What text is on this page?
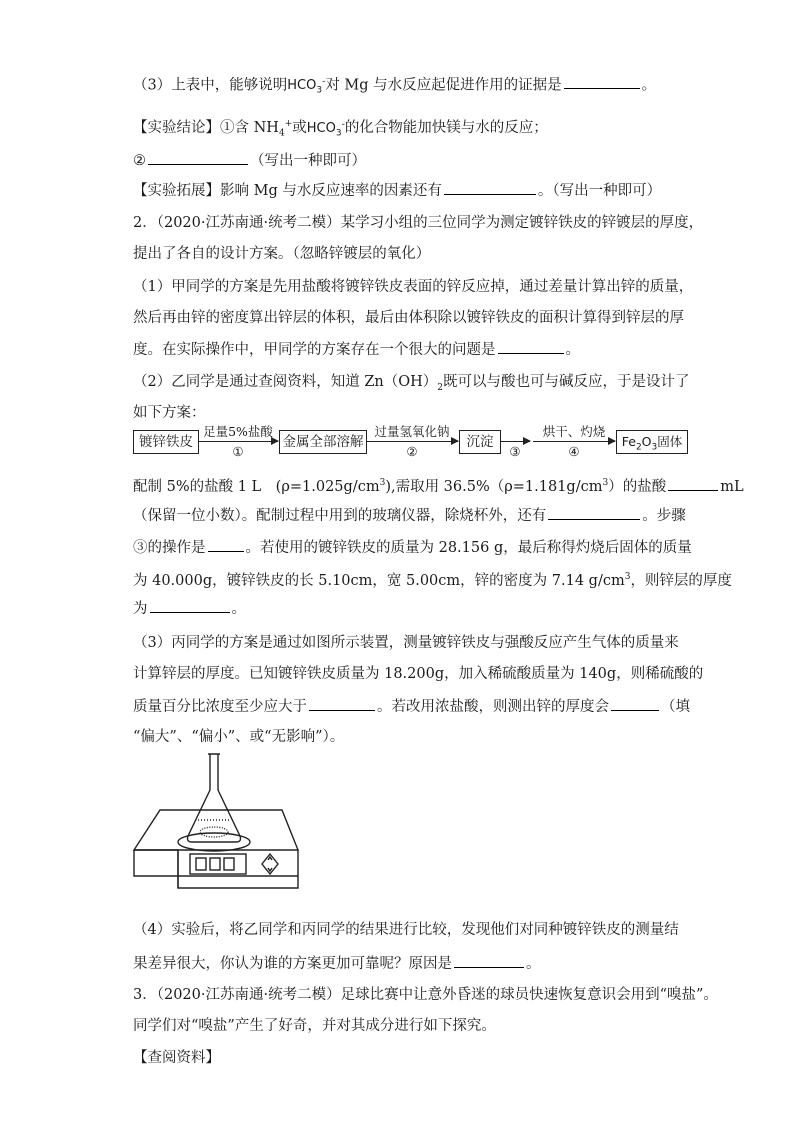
（3）上表中，能够说明$HCO_3^-$对 Mg 与水反应起促进作用的证据是	。
【实验结论】①含 $NH_4^+$或$HCO_3^-$的化合物能加快镁与水的反应；
②	（写出一种即可）
【实验拓展】影响 Mg 与水反应速率的因素还有	。（写出一种即可）
2．（2020·江苏南通·统考二模）某学习小组的三位同学为测定镀锌铁皮的锌镀层的厚度，
提出了各自的设计方案。（忽略锌镀层的氧化）
（1）甲同学的方案是先用盐酸将镀锌铁皮表面的锌反应掉，通过差量计算出锌的质量，
然后再由锌的密度算出锌层的体积，最后由体积除以镀锌铁皮的面积计算得到锌层的厚
度。在实际操作中，甲同学的方案存在一个很大的问题是	。
（2）乙同学是通过查阅资料，知道 $Zn(OH)_2$既可以与酸也可与碱反应，于是设计了
如下方案：
镀锌铁皮
足量5%盐酸
①
金属全部溶解
过量氢氧化钠
②
沉淀
③
烘干、灼烧
④
$Fe_2O_3$固体
配制 5%的盐酸 1 L　$(\rho=1.025g/cm^3)$,需取用 $36.5\%(\rho=1.181g/cm^3)$的盐酸	mL
（保留一位小数）。配制过程中用到的玻璃仪器，除烧杯外，还有	。步骤
③的操作是	。若使用的镀锌铁皮的质量为 28.156 g，最后称得灼烧后固体的质量
为 40.000g，镀锌铁皮的长 5.10cm，宽 5.00cm，锌的密度为 7.14 $g/cm^3$，则锌层的厚度
为	。
（3）丙同学的方案是通过如图所示装置，测量镀锌铁皮与强酸反应产生气体的质量来
计算锌层的厚度。已知镀锌铁皮质量为 18.200g，加入稀硫酸质量为 140g，则稀硫酸的
质量百分比浓度至少应大于	。若改用浓盐酸，则测出锌的厚度会	（填
“偏大”、“偏小”、或“无影响”）。
（4）实验后，将乙同学和丙同学的结果进行比较，发现他们对同种镀锌铁皮的测量结
果差异很大，你认为谁的方案更加可靠呢？原因是	。
3．（2020·江苏南通·统考二模）足球比赛中让意外昏迷的球员快速恢复意识会用到“嗅盐”。
同学们对“嗅盐”产生了好奇，并对其成分进行如下探究。
【查阅资料】
